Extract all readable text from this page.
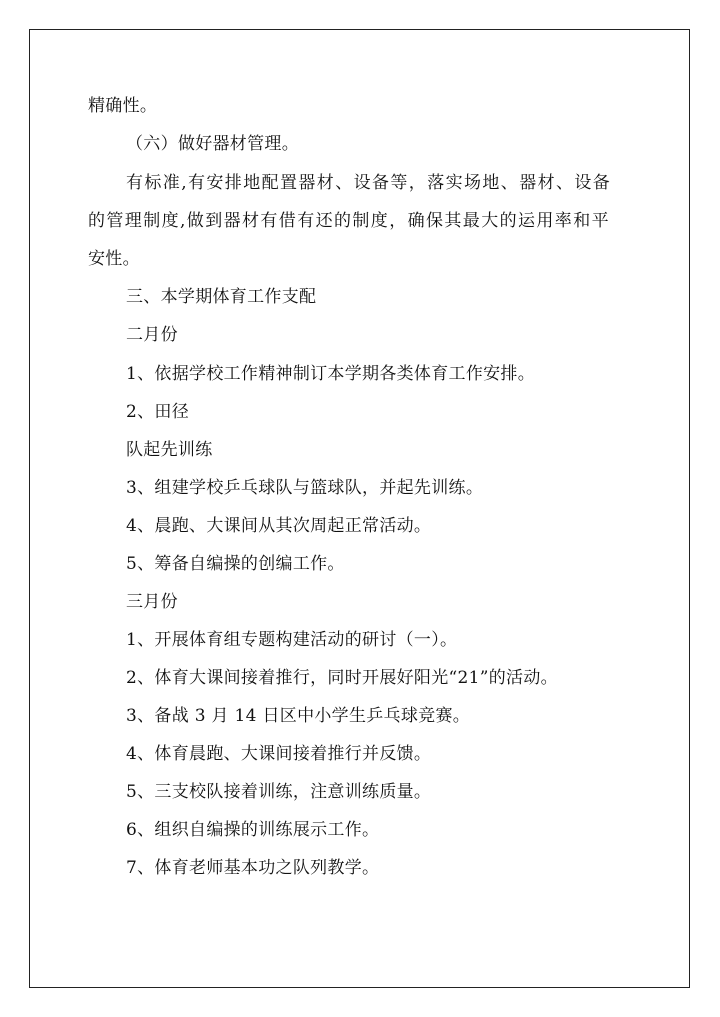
精确性。
（六）做好器材管理。
有标准,有安排地配置器材、设备等，落实场地、器材、设备
的管理制度,做到器材有借有还的制度，确保其最大的运用率和平
安性。
三、本学期体育工作支配
二月份
1、依据学校工作精神制订本学期各类体育工作安排。
2、田径
队起先训练
3、组建学校乒乓球队与篮球队，并起先训练。
4、晨跑、大课间从其次周起正常活动。
5、筹备自编操的创编工作。
三月份
1、开展体育组专题构建活动的研讨（一）。
2、体育大课间接着推行，同时开展好阳光“21”的活动。
3、备战 3 月 14 日区中小学生乒乓球竞赛。
4、体育晨跑、大课间接着推行并反馈。
5、三支校队接着训练，注意训练质量。
6、组织自编操的训练展示工作。
7、体育老师基本功之队列教学。
